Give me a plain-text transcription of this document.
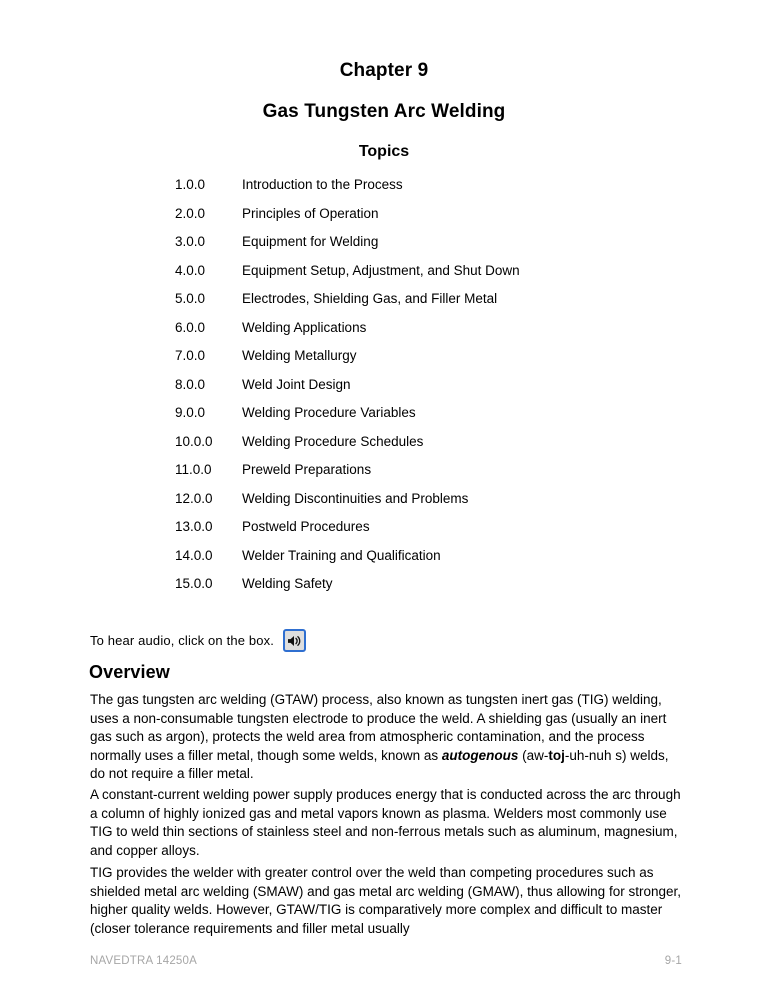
Chapter 9
Gas Tungsten Arc Welding
Topics
1.0.0	Introduction to the Process
2.0.0	Principles of Operation
3.0.0	Equipment for Welding
4.0.0	Equipment Setup, Adjustment, and Shut Down
5.0.0	Electrodes, Shielding Gas, and Filler Metal
6.0.0	Welding Applications
7.0.0	Welding Metallurgy
8.0.0	Weld Joint Design
9.0.0	Welding Procedure Variables
10.0.0	Welding Procedure Schedules
11.0.0	Preweld Preparations
12.0.0	Welding Discontinuities and Problems
13.0.0	Postweld Procedures
14.0.0	Welder Training and Qualification
15.0.0	Welding Safety
To hear audio, click on the box.
Overview
The gas tungsten arc welding (GTAW) process, also known as tungsten inert gas (TIG) welding, uses a non-consumable tungsten electrode to produce the weld. A shielding gas (usually an inert gas such as argon), protects the weld area from atmospheric contamination, and the process normally uses a filler metal, though some welds, known as autogenous (aw-toj-uh-nuh s) welds, do not require a filler metal.
A constant-current welding power supply produces energy that is conducted across the arc through a column of highly ionized gas and metal vapors known as plasma. Welders most commonly use TIG to weld thin sections of stainless steel and non-ferrous metals such as aluminum, magnesium, and copper alloys.
TIG provides the welder with greater control over the weld than competing procedures such as shielded metal arc welding (SMAW) and gas metal arc welding (GMAW), thus allowing for stronger, higher quality welds. However, GTAW/TIG is comparatively more complex and difficult to master (closer tolerance requirements and filler metal usually
NAVEDTRA 14250A	9-1
